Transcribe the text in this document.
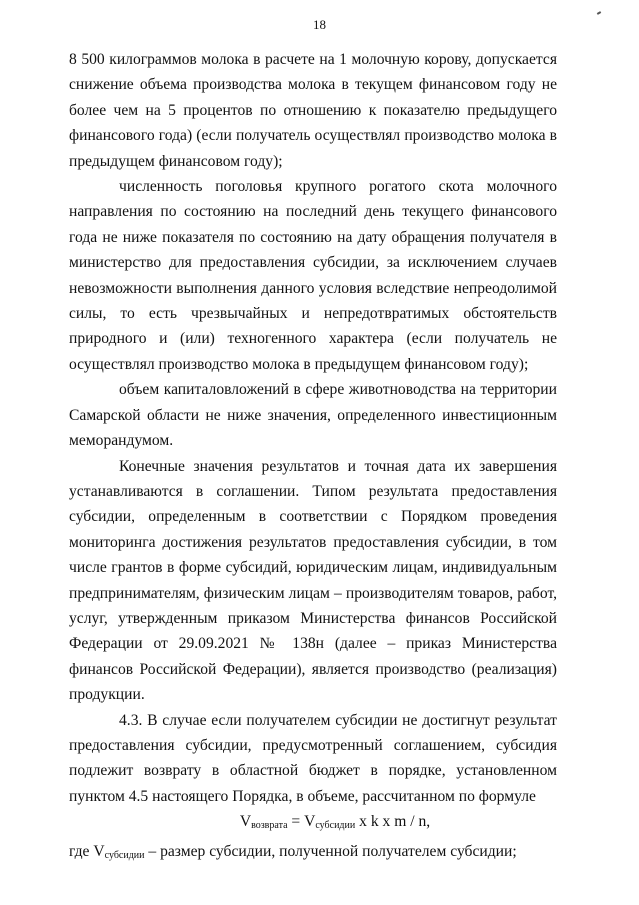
18

8 500 килограммов молока в расчете на 1 молочную корову, допускается снижение объема производства молока в текущем финансовом году не более чем на 5 процентов по отношению к показателю предыдущего финансового года) (если получатель осуществлял производство молока в предыдущем финансовом году);

численность поголовья крупного рогатого скота молочного направления по состоянию на последний день текущего финансового года не ниже показателя по состоянию на дату обращения получателя в министерство для предоставления субсидии, за исключением случаев невозможности выполнения данного условия вследствие непреодолимой силы, то есть чрезвычайных и непредотвратимых обстоятельств природного и (или) техногенного характера (если получатель не осуществлял производство молока в предыдущем финансовом году);

объем капиталовложений в сфере животноводства на территории Самарской области не ниже значения, определенного инвестиционным меморандумом.

Конечные значения результатов и точная дата их завершения устанавливаются в соглашении. Типом результата предоставления субсидии, определенным в соответствии с Порядком проведения мониторинга достижения результатов предоставления субсидии, в том числе грантов в форме субсидий, юридическим лицам, индивидуальным предпринимателям, физическим лицам – производителям товаров, работ, услуг, утвержденным приказом Министерства финансов Российской Федерации от 29.09.2021 № 138н (далее – приказ Министерства финансов Российской Федерации), является производство (реализация) продукции.

4.3. В случае если получателем субсидии не достигнут результат предоставления субсидии, предусмотренный соглашением, субсидия подлежит возврату в областной бюджет в порядке, установленном пунктом 4.5 настоящего Порядка, в объеме, рассчитанном по формуле

$V_{возврата} = V_{субсидии}$ x k x m / n,

где $V_{субсидии}$ – размер субсидии, полученной получателем субсидии;
